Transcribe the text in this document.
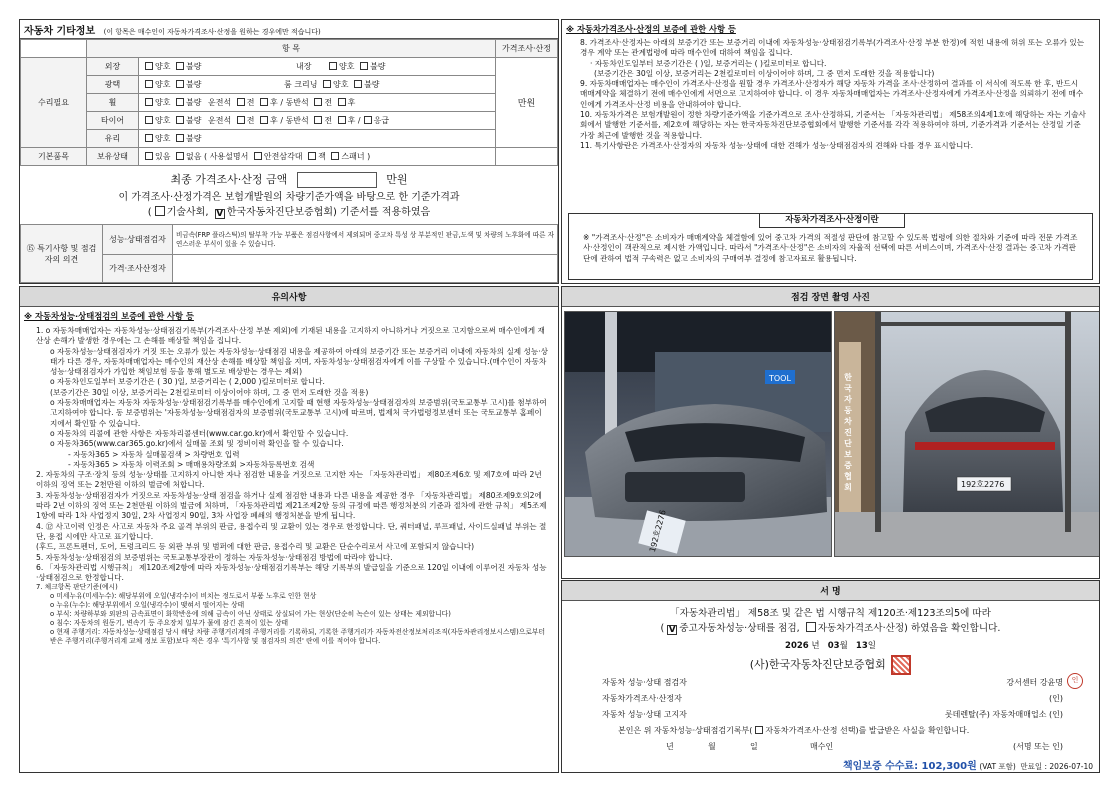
자동차 기타정보 (이 항목은 매수인이 자동차가격조사·산정을 원하는 경우에만 적습니다)
	항 목		가격조사·산정
수리필요	외장	양호 불량 내장 양호 불량	만원
	광택	양호 불량 룸 크리닝 양호 불량	
	휠	양호 불량 운전석 전 후 / 동반석 전 후	
	타이어	양호 불량 운전석 전 후 / 동반석 전 후 / 응급	
	유리	양호 불량	
기본품목	보유상태	있음 없음 ( 사용설명서 안전삼각대 잭 스패너 )	
최종 가격조사·산정 금액	만원
이 가격조사·산정가격은 보험개발원의 차량기준가액을 바탕으로 한 기준가격과
( 기술사회, V 한국자동차진단보증협회) 기준서를 적용하였음
⑮ 특기사항 및 점검자의 의견	성능·상태점검자	비금속(FRP 플라스틱)의 탈부착 가능 부품은 점검사항에서 제외되며 중고차 특성 상 부분적인 판금,도색 및 차량의 노후화에 따른 자연스러운 부식이 있을 수 있습니다.
	가격·조사산정자	
※ 자동차가격조사·산정의 보증에 관한 사항 등
8. 가격조사·산정자는 아래의 보증기간 또는 보증거리 이내에 자동차성능·상태점검기록부(가격조사·산정 부분 한정)에 적힌 내용에 허위 또는 오류가 있는 경우 계약 또는 관계법령에 따라 매수인에 대하여 책임을 집니다.
· 자동차인도일부터 보증기간은 ( )일, 보증거리는 ( )킬로미터로 합니다.
(보증기간은 30일 이상, 보증거리는 2천킬로미터 이상이어야 하며, 그 중 먼저 도래한 것을 적용합니다)
9. 자동차매매업자는 매수인이 가격조사·산정을 원할 경우 가격조사·산정자가 해당 자동차 가격을 조사·산정하여 결과를 이 서식에 적도록 한 후, 반드시 매매계약을 체결하기 전에 매수인에게 서면으로 고지하여야 합니다. 이 경우 자동차매매업자는 가격조사·산정자에게 가격조사·산정을 의뢰하기 전에 매수인에게 가격조사·산정 비용을 안내하여야 합니다.
10. 자동차가격은 보험개발원이 정한 차량기준가액을 기준가격으로 조사·산정하되, 기준서는 「자동차관리법」 제58조의4제1호에 해당하는 자는 기술사회에서 발행한 기준서를, 제2호에 해당하는 자는 한국자동차진단보증협회에서 발행한 기준서를 각각 적용하여야 하며, 기준가격과 기준서는 산정일 기준 가장 최근에 발행한 것을 적용합니다.
11. 특기사항란은 가격조사·산정자의 자동차 성능·상태에 대한 견해가 성능·상태점검자의 견해와 다를 경우 표시합니다.
자동차가격조사·산정이란
※ "가격조사·산정"은 소비자가 매매계약을 체결함에 있어 중고차 가격의 적절성 판단에 참고할 수 있도록 법령에 의한 절차와 기준에 따라 전문 가격조사·산정인이 객관적으로 제시한 가액입니다. 따라서 "가격조사·산정"은 소비자의 자율적 선택에 따른 서비스이며, 가격조사·산정 결과는 중고차 가격판단에 관하여 법적 구속력은 없고 소비자의 구매여부 결정에 참고자료로 활용됩니다.
유의사항
※ 자동차성능·상태점검의 보증에 관한 사항 등
1. o 자동차매매업자는 자동차성능·상태점검기록부(가격조사·산정 부분 제외)에 기재된 내용을 고지하지 아니하거나 거짓으로 고지함으로써 매수인에게 재산상 손해가 발생한 경우에는 그 손해를 배상할 책임을 집니다.
o 자동차성능·상태점검자가 거짓 또는 오류가 있는 자동차성능·상태점검 내용을 제공하여 아래의 보증기간 또는 보증거리 이내에 자동차의 실제 성능·상태가 다른 경우, 자동차매매업자는 매수인의 재산상 손해를 배상할 책임을 지며, 자동차성능·상태점검자에게 이를 구상할 수 있습니다.(매수인이 자동차성능·상태점검자가 가입한 책임보험 등을 통해 별도로 배상받는 경우는 제외)
o 자동차인도일부터 보증기간은 ( 30 )일, 보증거리는 ( 2,000 )킬로미터로 합니다.
(보증기간은 30일 이상, 보증거리는 2천킬로미터 이상이어야 하며, 그 중 먼저 도래한 것을 적용)
o 자동차매매업자는 자동차 자동차성능·상태점검기록부를 매수인에게 고지할 때 현행 자동차성능·상태점검자의 보증범위(국토교통부 고시)를 첨부하여 고지하여야 합니다. 동 보증범위는 '자동차성능·상태점검자의 보증범위(국토교통부 고시)에 따르며, 법제처 국가법령정보센터 또는 국토교통부 홈페이지에서 확인할 수 있습니다.
o 자동차의 리콜에 관한 사항은 자동차리콜센터(www.car.go.kr)에서 확인할 수 있습니다.
o 자동차365(www.car365.go.kr)에서 실매물 조회 및 정비이력 확인을 할 수 있습니다.
- 자동차365 > 자동차 실매물검색 > 차량번호 입력
- 자동차365 > 자동차 이력조회 > 매매용차량조회 >자동차등록번호 검색
2. 자동차의 구조·장치 등의 성능·상태를 고지하지 아니한 자나 점검한 내용을 거짓으로 고지한 자는 「자동차관리법」 제80조제6호 및 제7호에 따라 2년 이하의 징역 또는 2천만원 이하의 벌금에 처합니다.
3. 자동차성능·상태점검자가 거짓으로 자동차성능·상태 점검을 하거나 실제 점검한 내용과 다른 내용을 제공한 경우 「자동차관리법」 제80조제9호의2에 따라 2년 이하의 징역 또는 2천만원 이하의 벌금에 처하며, 「자동차관리법 제21조제2항 등의 규정에 따른 행정처분의 기준과 절차에 관한 규칙」 제5조제1항에 따라 1차 사업정지 30일, 2차 사업정지 90일, 3차 사업장 폐쇄의 행정처분을 받게 됩니다.
4. ⑫ 사고이력 인정은 사고로 자동차 주요 골격 부위의 판금, 용접수리 및 교환이 있는 경우로 한정합니다. 단, 쿼터패널, 루프패널, 사이드실패널 부위는 절단, 용접 시에만 사고로 표기합니다.
(후드, 프론트펜더, 도어, 트렁크리드 등 외판 부위 및 범퍼에 대한 판금, 용접수리 및 교환은 단순수리로서 사고에 포함되지 않습니다)
5. 자동차성능·상태점검의 보증범위는 국토교통부장관이 정하는 자동차성능·상태점검 방법에 따라야 합니다.
6. 「자동차관리법 시행규칙」 제120조제2항에 따라 자동차성능·상태점검기록부는 해당 기록부의 발급일을 기준으로 120일 이내에 이루어진 자동차 성능·상태점검으로 한정합니다.
7. 체크항목 판단기준(예시)
o 미세누유(미세누수): 해당부위에 오일(냉각수)이 비치는 정도로서 부품 노후로 인한 현상
o 누유(누수): 해당부위에서 오일(냉각수)이 맺혀서 떨어지는 상태
o 부식: 차량하부와 외판의 금속표면이 화학반응에 의해 금속이 아닌 상태로 상실되어 가는 현상(단순히 녹슨이 있는 상태는 제외합니다)
o 침수: 자동차의 원동기, 변속기 등 주요장치 일부가 물에 잠긴 흔적이 있는 상태
o 현재 주행거리: 자동차성능·상태점검 당시 해당 차량 주행거리계의 주행거리를 기록하되, 기록한 주행거리가 자동차전산정보처리조직(자동차관리정보시스템)으로부터 받은 주행거리(주행거리계 교체 정보 포함)보다 적은 경우 '특기사항 및 점검자의 의견' 란에 이를 적어야 합니다.
점검 장면 촬영 사진
TOOL
192호2276
192호2276
한국자동차진단보증협회
서 명
「자동차관리법」 제58조 및 같은 법 시행규칙 제120조·제123조의5에 따라
( V 중고자동차성능·상태를 점검, 자동차가격조사·산정) 하였음을 확인합니다.
2026 년 03월 13일
(사)한국자동차진단보증협회
자동차 성능·상태 점검자	강서센터 강윤명	인
자동차가격조사·산정자	(인)
자동차 성능·상태 고지자	롯데렌탈(주) 자동차매매업소 (인)
본인은 위 자동차성능·상태점검기록부( 자동차가격조사·산정 선택)를 발급받은 사실을 확인합니다.
년	월	일	매수인	(서명 또는 인)
책임보증 수수료: 102,300원 (VAT 포함) 만료일 : 2026-07-10
